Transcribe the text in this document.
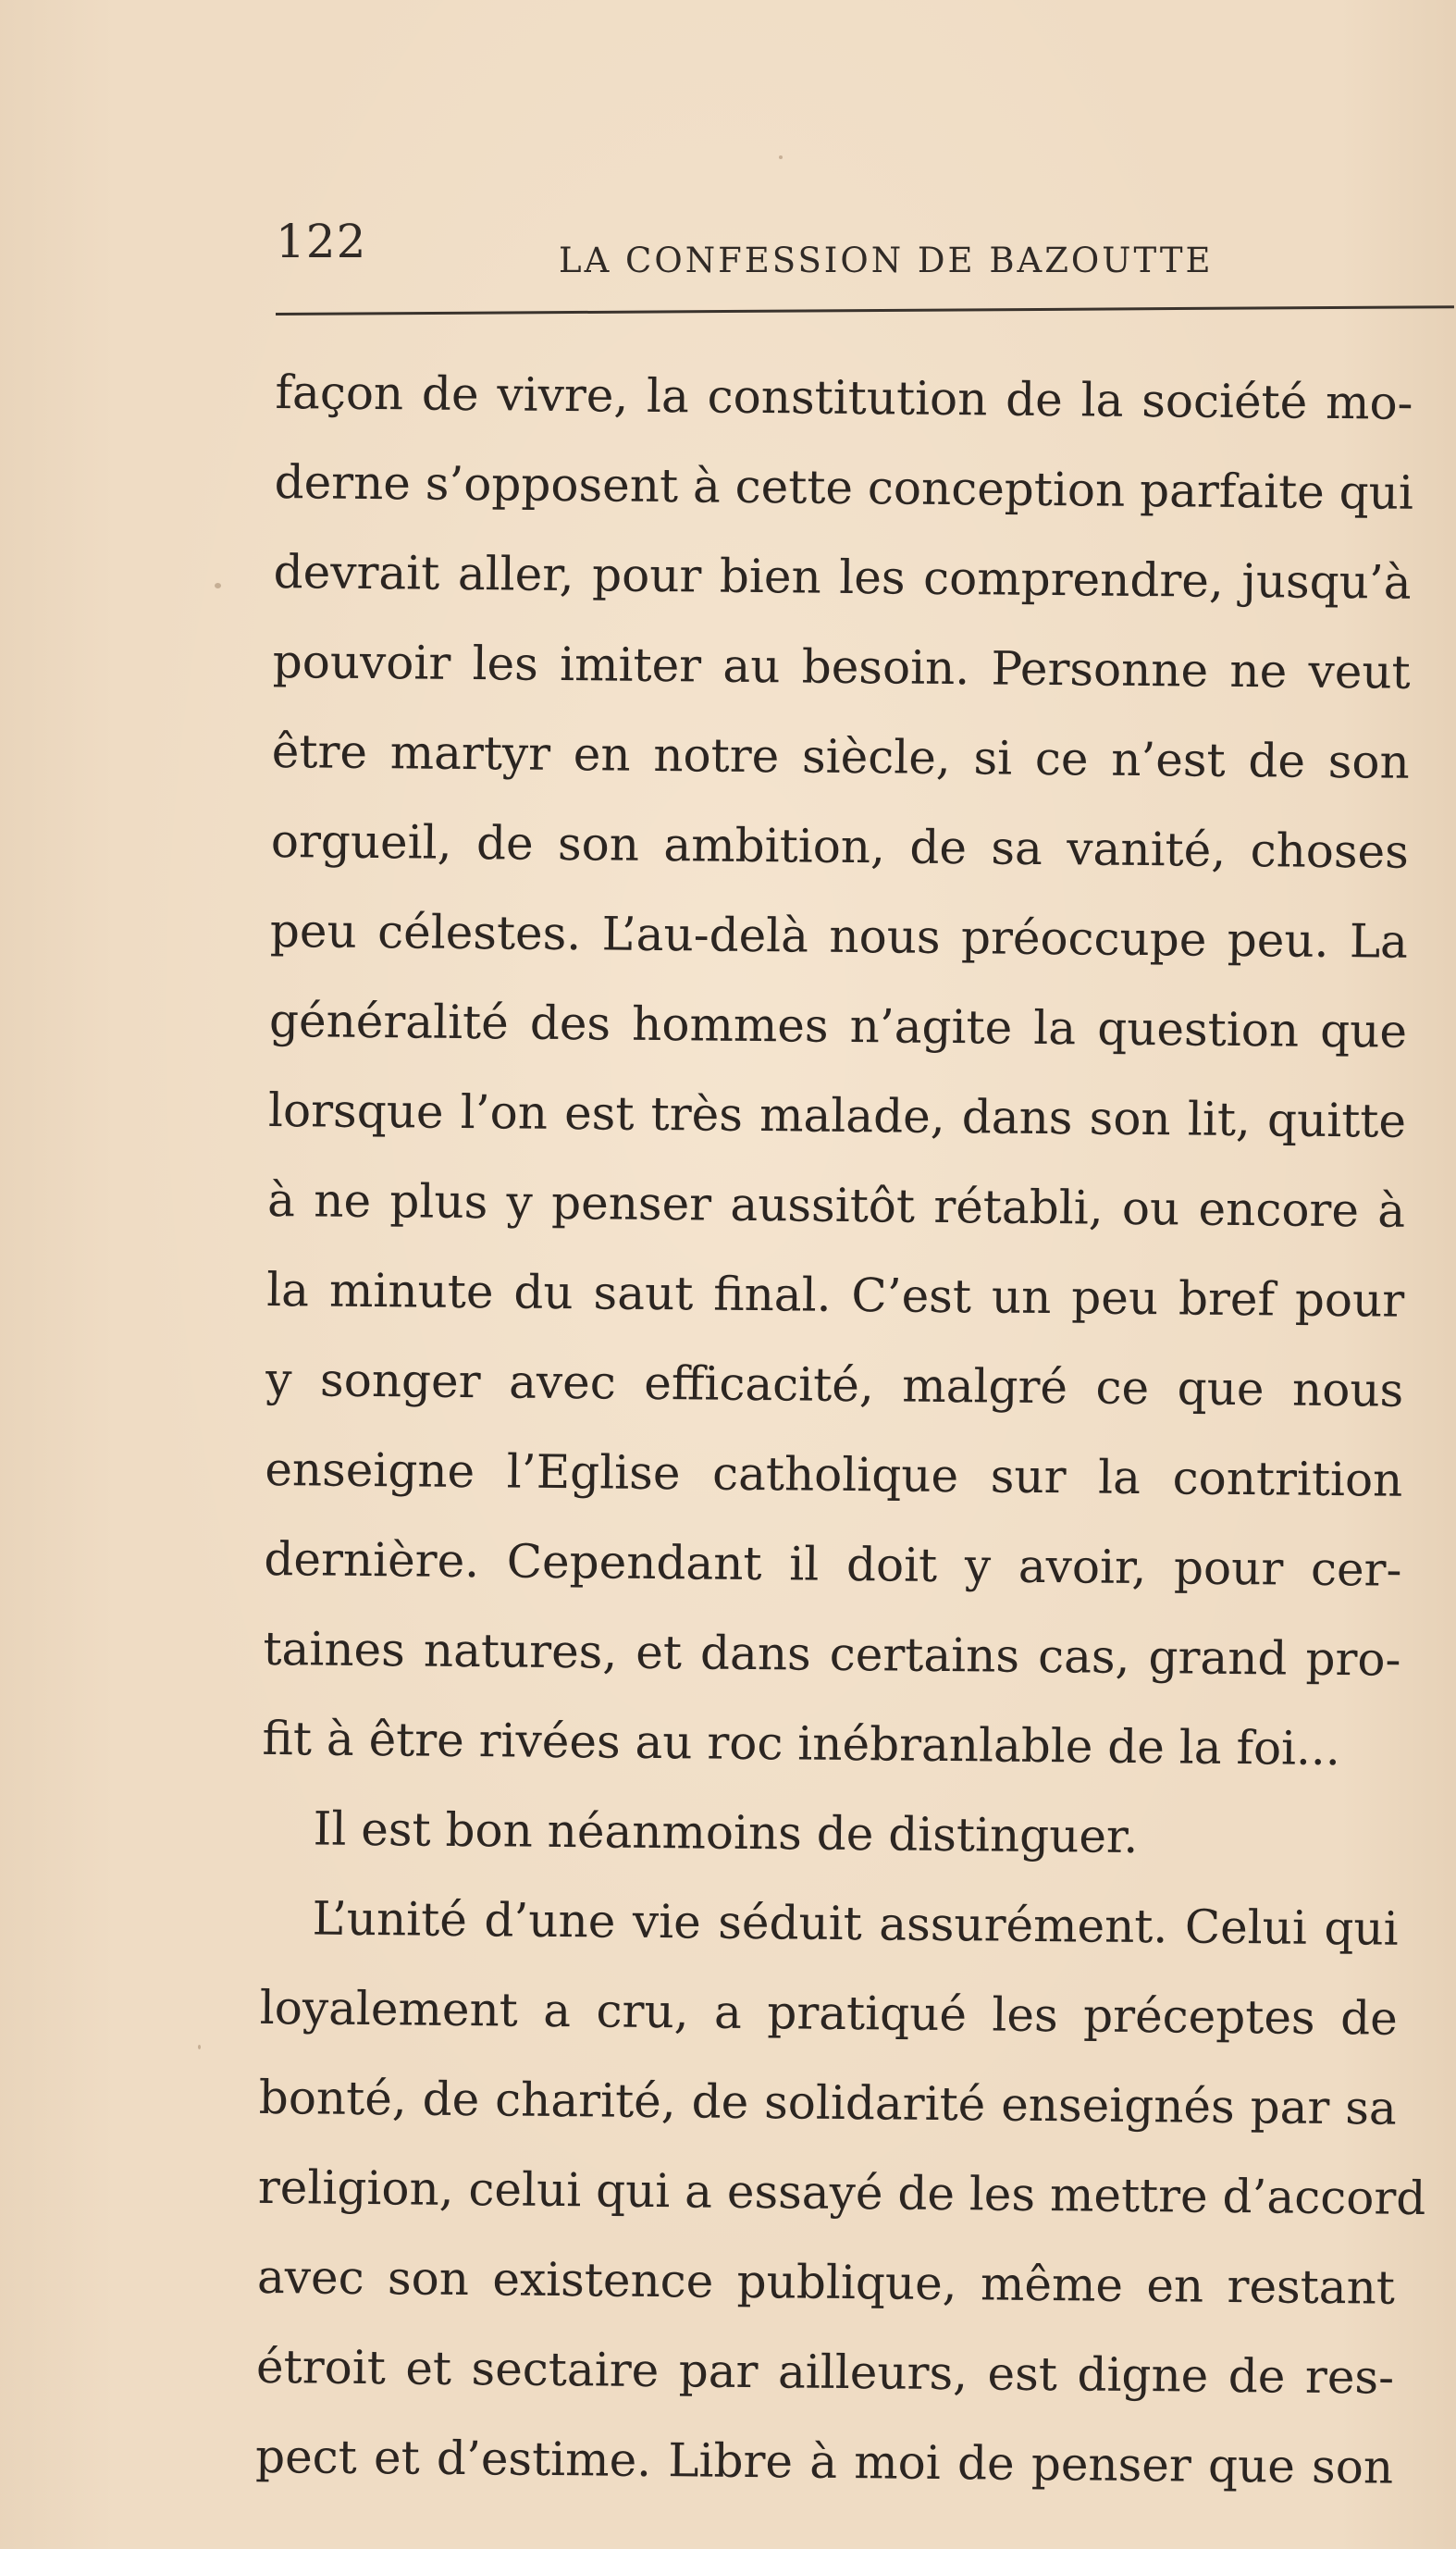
122	LA CONFESSION DE BAZOUTTE
façon de vivre, la constitution de la société mo-
derne s’opposent à cette conception parfaite qui
devrait aller, pour bien les comprendre, jusqu’à
pouvoir les imiter au besoin. Personne ne veut
être martyr en notre siècle, si ce n’est de son
orgueil, de son ambition, de sa vanité, choses
peu célestes. L’au-delà nous préoccupe peu. La
généralité des hommes n’agite la question que
lorsque l’on est très malade, dans son lit, quitte
à ne plus y penser aussitôt rétabli, ou encore à
la minute du saut final. C’est un peu bref pour
y songer avec efficacité, malgré ce que nous
enseigne l’Eglise catholique sur la contrition
dernière. Cependant il doit y avoir, pour cer-
taines natures, et dans certains cas, grand pro-
fit à être rivées au roc inébranlable de la foi...
Il est bon néanmoins de distinguer.
L’unité d’une vie séduit assurément. Celui qui
loyalement a cru, a pratiqué les préceptes de
bonté, de charité, de solidarité enseignés par sa
religion, celui qui a essayé de les mettre d’accord
avec son existence publique, même en restant
étroit et sectaire par ailleurs, est digne de res-
pect et d’estime. Libre à moi de penser que son
